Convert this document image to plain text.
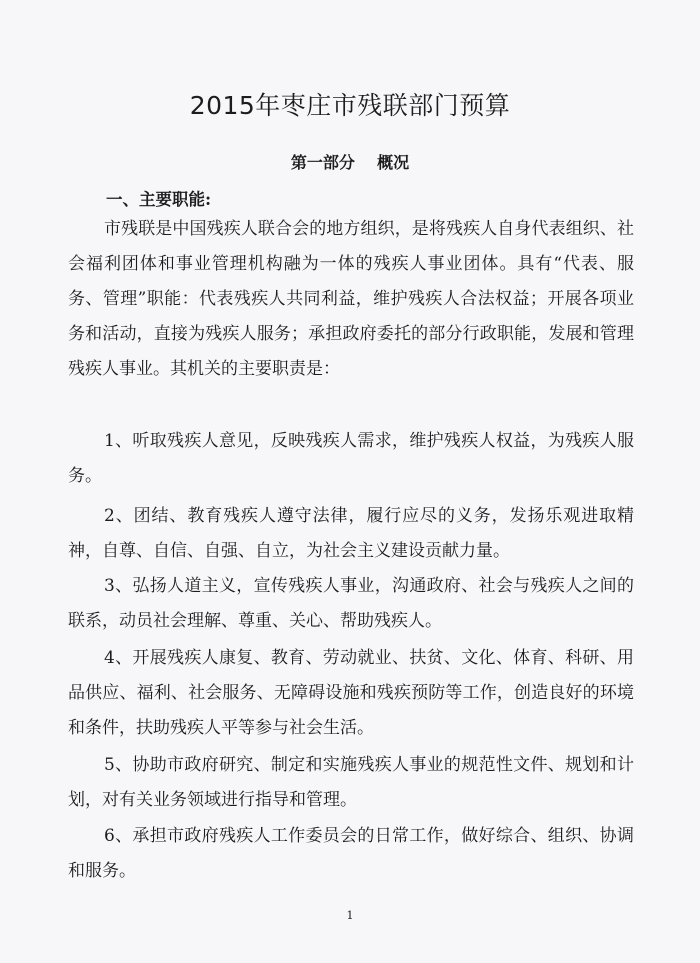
2015年枣庄市残联部门预算
第一部分    概况
一、主要职能:

市残联是中国残疾人联合会的地方组织，是将残疾人自身代表组织、社会福利团体和事业管理机构融为一体的残疾人事业团体。具有“代表、服务、管理”职能：代表残疾人共同利益，维护残疾人合法权益；开展各项业务和活动，直接为残疾人服务；承担政府委托的部分行政职能，发展和管理残疾人事业。其机关的主要职责是：

1、听取残疾人意见，反映残疾人需求，维护残疾人权益，为残疾人服务。

2、团结、教育残疾人遵守法律，履行应尽的义务，发扬乐观进取精神，自尊、自信、自强、自立，为社会主义建设贡献力量。

3、弘扬人道主义，宣传残疾人事业，沟通政府、社会与残疾人之间的联系，动员社会理解、尊重、关心、帮助残疾人。

4、开展残疾人康复、教育、劳动就业、扶贫、文化、体育、科研、用品供应、福利、社会服务、无障碍设施和残疾预防等工作，创造良好的环境和条件，扶助残疾人平等参与社会生活。

5、协助市政府研究、制定和实施残疾人事业的规范性文件、规划和计划，对有关业务领域进行指导和管理。

6、承担市政府残疾人工作委员会的日常工作，做好综合、组织、协调和服务。

1
